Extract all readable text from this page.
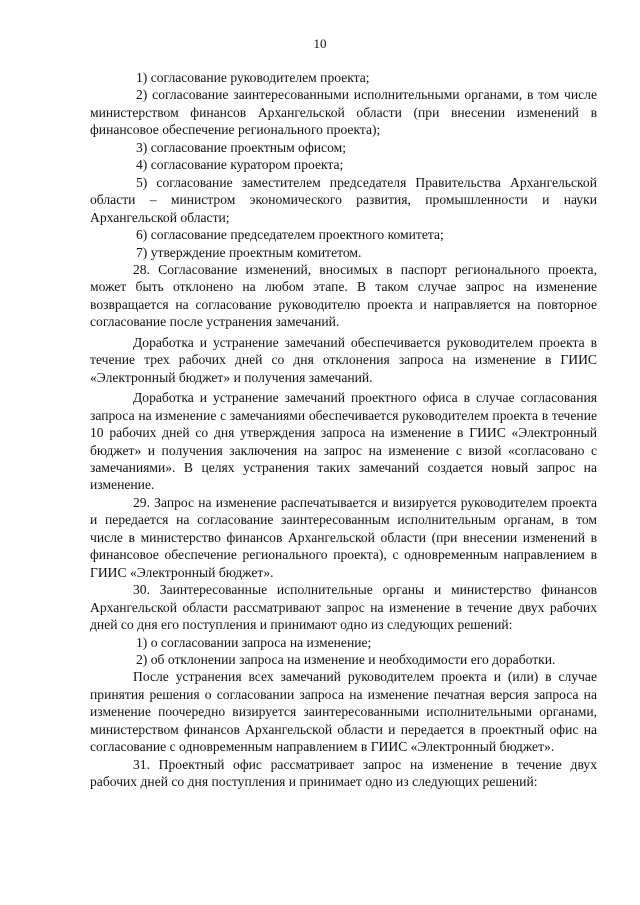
10

1) согласование руководителем проекта;

2) согласование заинтересованными исполнительными органами, в том числе министерством финансов Архангельской области (при внесении изменений в финансовое обеспечение регионального проекта);

3) согласование проектным офисом;

4) согласование куратором проекта;

5) согласование заместителем председателя Правительства Архангельской области – министром экономического развития, промышленности и науки Архангельской области;

6) согласование председателем проектного комитета;

7) утверждение проектным комитетом.

28. Согласование изменений, вносимых в паспорт регионального проекта, может быть отклонено на любом этапе. В таком случае запрос на изменение возвращается на согласование руководителю проекта и направляется на повторное согласование после устранения замечаний.

Доработка и устранение замечаний обеспечивается руководителем проекта в течение трех рабочих дней со дня отклонения запроса на изменение в ГИИС «Электронный бюджет» и получения замечаний.

Доработка и устранение замечаний проектного офиса в случае согласования запроса на изменение с замечаниями обеспечивается руководителем проекта в течение 10 рабочих дней со дня утверждения запроса на изменение в ГИИС «Электронный бюджет» и получения заключения на запрос на изменение с визой «согласовано с замечаниями». В целях устранения таких замечаний создается новый запрос на изменение.

29. Запрос на изменение распечатывается и визируется руководителем проекта и передается на согласование заинтересованным исполнительным органам, в том числе в министерство финансов Архангельской области (при внесении изменений в финансовое обеспечение регионального проекта), с одновременным направлением в ГИИС «Электронный бюджет».

30. Заинтересованные исполнительные органы и министерство финансов Архангельской области рассматривают запрос на изменение в течение двух рабочих дней со дня его поступления и принимают одно из следующих решений:

1) о согласовании запроса на изменение;

2) об отклонении запроса на изменение и необходимости его доработки.

После устранения всех замечаний руководителем проекта и (или) в случае принятия решения о согласовании запроса на изменение печатная версия запроса на изменение поочередно визируется заинтересованными исполнительными органами, министерством финансов Архангельской области и передается в проектный офис на согласование с одновременным направлением в ГИИС «Электронный бюджет».

31. Проектный офис рассматривает запрос на изменение в течение двух рабочих дней со дня поступления и принимает одно из следующих решений:
